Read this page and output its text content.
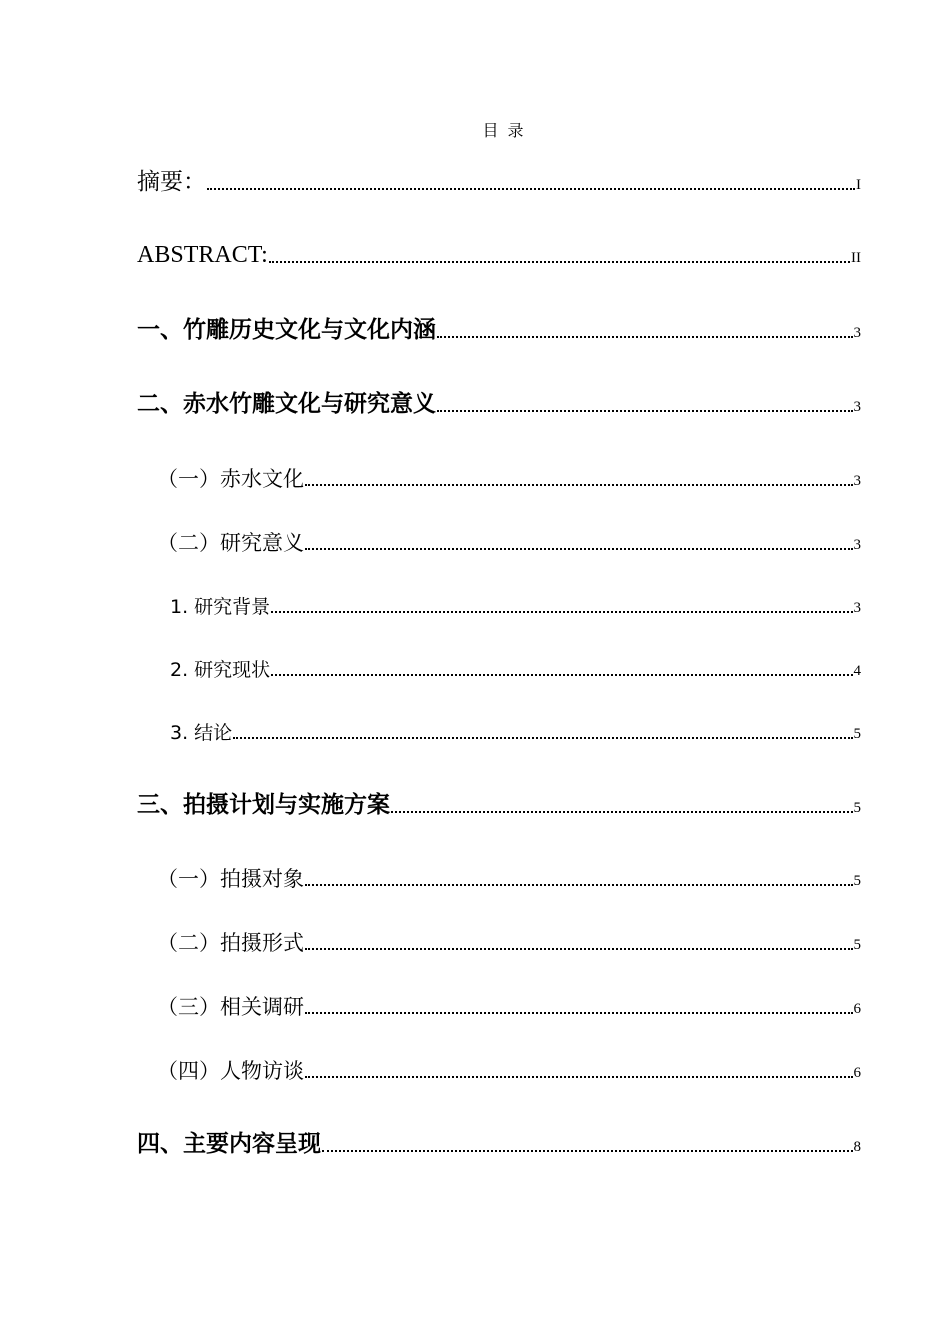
目 录
摘要：	I
ABSTRACT:	II
一、竹雕历史文化与文化内涵	3
二、赤水竹雕文化与研究意义	3
（一）赤水文化	3
（二）研究意义	3
1. 研究背景	3
2. 研究现状	4
3. 结论	5
三、拍摄计划与实施方案	5
（一）拍摄对象	5
（二）拍摄形式	5
（三）相关调研	6
（四）人物访谈	6
四、主要内容呈现	8
